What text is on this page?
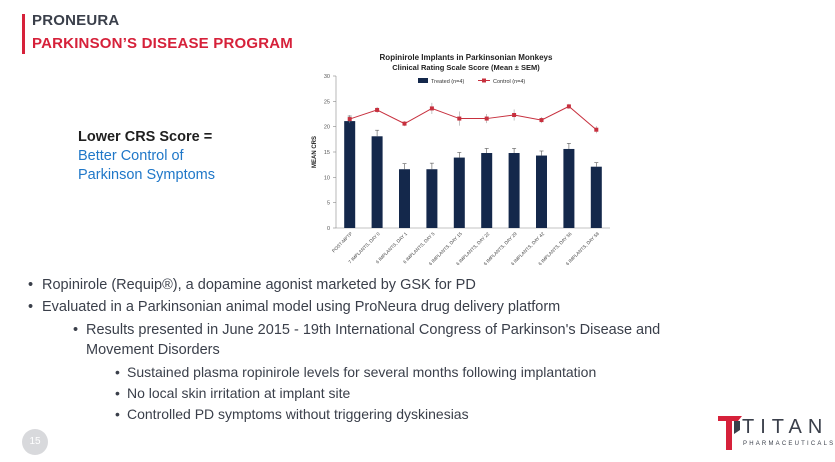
PRONEURA
PARKINSON’S DISEASE PROGRAM
Lower CRS Score =
Better Control of
Parkinson Symptoms
Ropinirole Implants in Parkinsonian Monkeys
Clinical Rating Scale Score (Mean ± SEM)
Treated (n=4)	Control (n=4)
0
5
10
15
20
25
30
MEAN CRS
POST-MPTP
7 IMPLANTS, DAY 0
6 IMPLANTS, DAY 1
6 IMPLANTS, DAY 5
6 IMPLANTS, DAY 15
6 IMPLANTS, DAY 22
6 IMPLANTS, DAY 29
6 IMPLANTS, DAY 42
6 IMPLANTS, DAY 56
6 IMPLANTS, DAY 58
• Ropinirole (Requip®), a dopamine agonist marketed by GSK for PD
• Evaluated in a Parkinsonian animal model using ProNeura drug delivery platform
• Results presented in June 2015 - 19th International Congress of Parkinson's Disease and
Movement Disorders
• Sustained plasma ropinirole levels for several months following implantation
• No local skin irritation at implant site
• Controlled PD symptoms without triggering dyskinesias
15
TITAN
PHARMACEUTICALS
